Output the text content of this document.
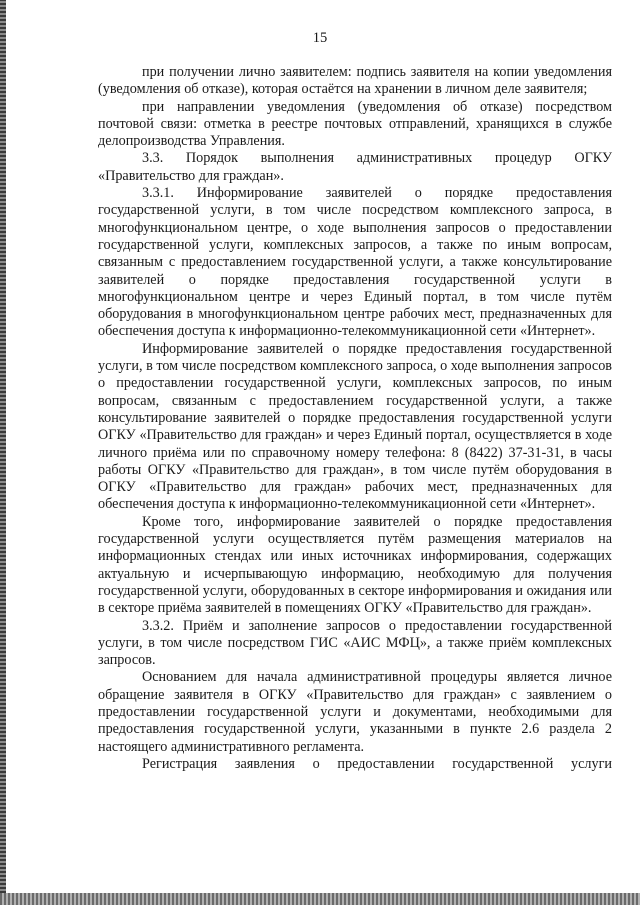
15

при получении лично заявителем: подпись заявителя на копии уведомления (уведомления об отказе), которая остаётся на хранении в личном деле заявителя;

при направлении уведомления (уведомления об отказе) посредством почтовой связи: отметка в реестре почтовых отправлений, хранящихся в службе делопроизводства Управления.

3.3. Порядок выполнения административных процедур ОГКУ «Правительство для граждан».

3.3.1. Информирование заявителей о порядке предоставления государственной услуги, в том числе посредством комплексного запроса, в многофункциональном центре, о ходе выполнения запросов о предоставлении государственной услуги, комплексных запросов, а также по иным вопросам, связанным с предоставлением государственной услуги, а также консультирование заявителей о порядке предоставления государственной услуги в многофункциональном центре и через Единый портал, в том числе путём оборудования в многофункциональном центре рабочих мест, предназначенных для обеспечения доступа к информационно-телекоммуникационной сети «Интернет».

Информирование заявителей о порядке предоставления государственной услуги, в том числе посредством комплексного запроса, о ходе выполнения запросов о предоставлении государственной услуги, комплексных запросов, по иным вопросам, связанным с предоставлением государственной услуги, а также консультирование заявителей о порядке предоставления государственной услуги ОГКУ «Правительство для граждан» и через Единый портал, осуществляется в ходе личного приёма или по справочному номеру телефона: 8 (8422) 37-31-31, в часы работы ОГКУ «Правительство для граждан», в том числе путём оборудования в ОГКУ «Правительство для граждан» рабочих мест, предназначенных для обеспечения доступа к информационно-телекоммуникационной сети «Интернет».

Кроме того, информирование заявителей о порядке предоставления государственной услуги осуществляется путём размещения материалов на информационных стендах или иных источниках информирования, содержащих актуальную и исчерпывающую информацию, необходимую для получения государственной услуги, оборудованных в секторе информирования и ожидания или в секторе приёма заявителей в помещениях ОГКУ «Правительство для граждан».

3.3.2. Приём и заполнение запросов о предоставлении государственной услуги, в том числе посредством ГИС «АИС МФЦ», а также приём комплексных запросов.

Основанием для начала административной процедуры является личное обращение заявителя в ОГКУ «Правительство для граждан» с заявлением о предоставлении государственной услуги и документами, необходимыми для предоставления государственной услуги, указанными в пункте 2.6 раздела 2 настоящего административного регламента.

Регистрация заявления о предоставлении государственной услуги
